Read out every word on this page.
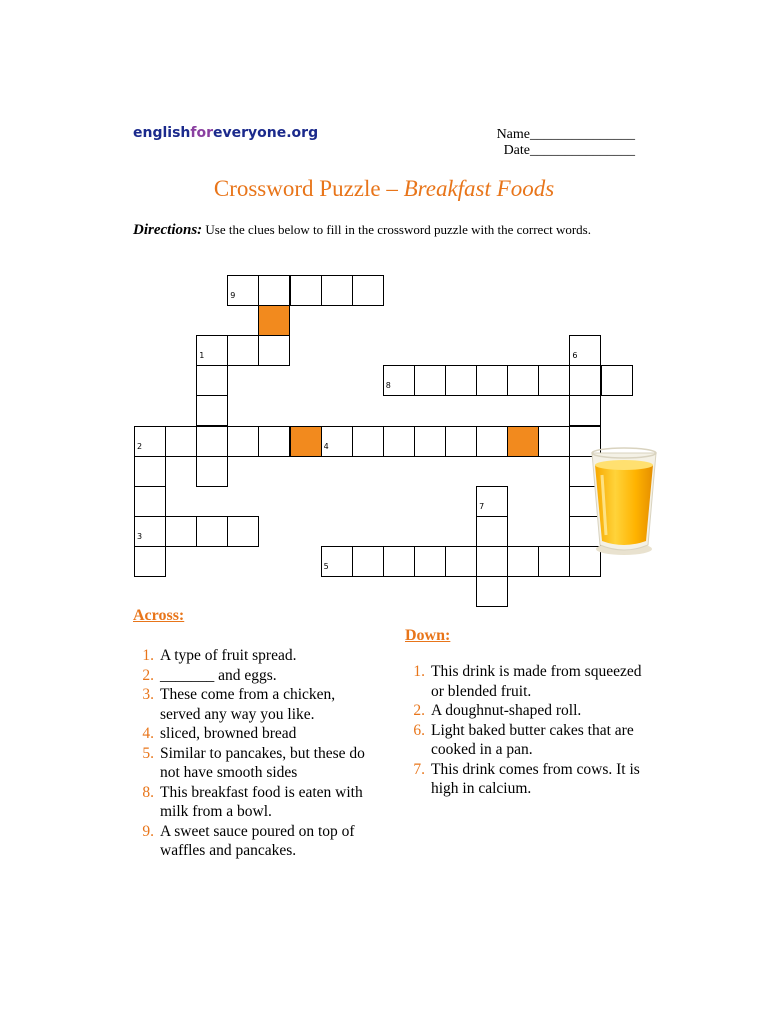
englishforeveryone.org	Name_______________
Date_______________
Crossword Puzzle – Breakfast Foods
Directions: Use the clues below to fill in the crossword puzzle with the correct words.
9
1	6
8
2	4
7
3
5
Across:
1. A type of fruit spread.
2. _______ and eggs.
3. These come from a chicken, served any way you like.
4. sliced, browned bread
5. Similar to pancakes, but these do not have smooth sides
8. This breakfast food is eaten with milk from a bowl.
9. A sweet sauce poured on top of waffles and pancakes.
Down:
1. This drink is made from squeezed or blended fruit.
2. A doughnut-shaped roll.
6. Light baked butter cakes that are cooked in a pan.
7. This drink comes from cows. It is high in calcium.
